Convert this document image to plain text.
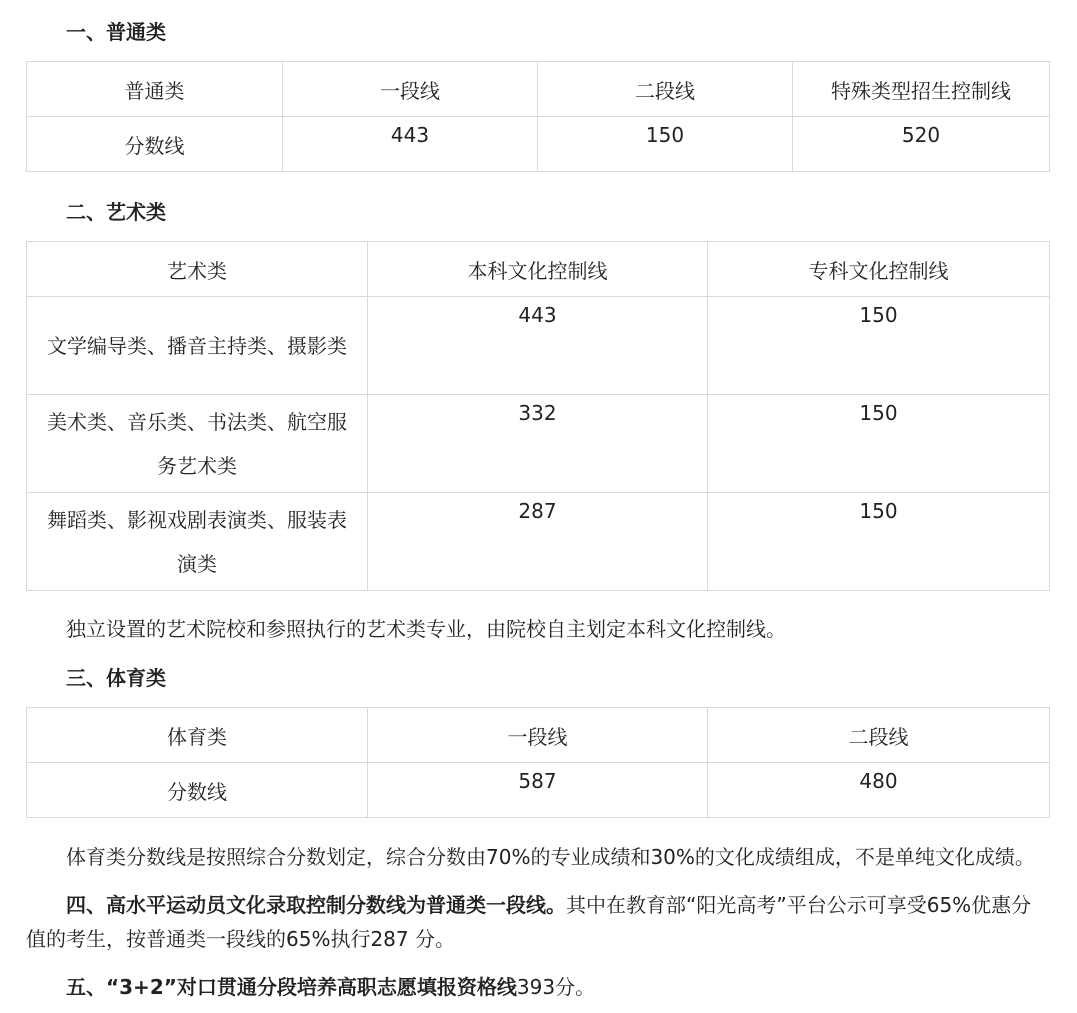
一、普通类
普通类	一段线	二段线	特殊类型招生控制线
分数线	443	150	520
二、艺术类
艺术类	本科文化控制线	专科文化控制线
文学编导类、播音主持类、摄影类	443	150
美术类、音乐类、书法类、航空服务艺术类	332	150
舞蹈类、影视戏剧表演类、服装表演类	287	150
独立设置的艺术院校和参照执行的艺术类专业，由院校自主划定本科文化控制线。
三、体育类
体育类	一段线	二段线
分数线	587	480
体育类分数线是按照综合分数划定，综合分数由70%的专业成绩和30%的文化成绩组成，不是单纯文化成绩。
四、高水平运动员文化录取控制分数线为普通类一段线。其中在教育部“阳光高考”平台公示可享受65%优惠分值的考生，按普通类一段线的65%执行287 分。
五、“3+2”对口贯通分段培养高职志愿填报资格线393分。
